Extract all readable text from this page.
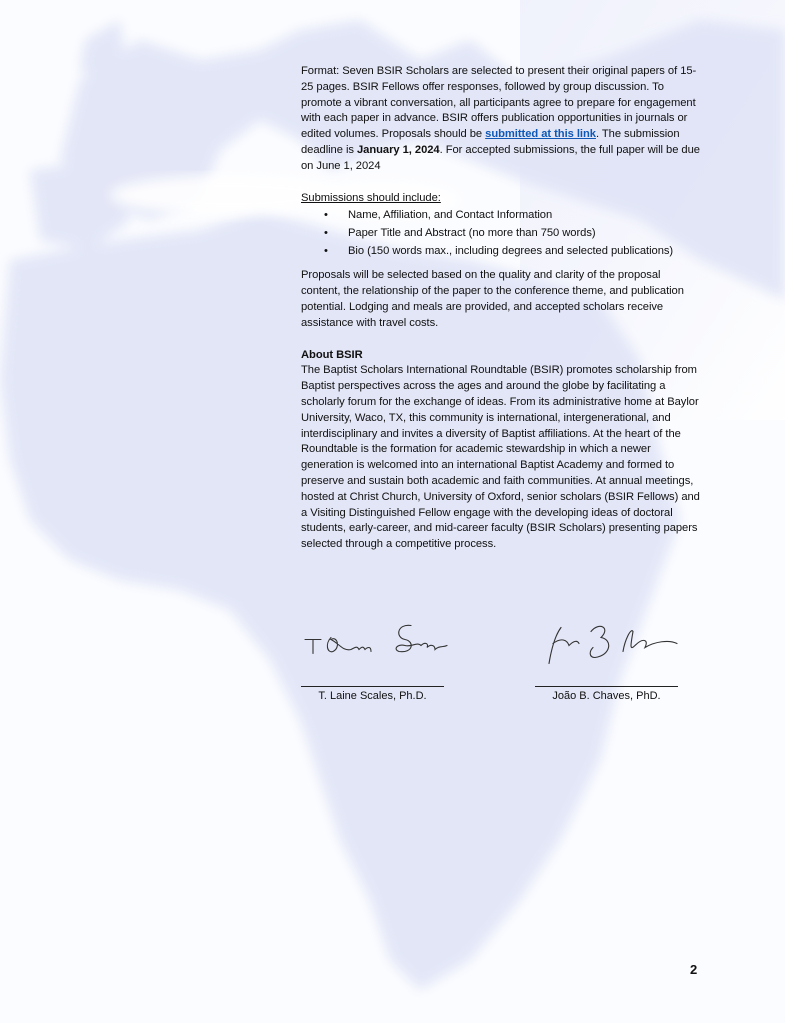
Format: Seven BSIR Scholars are selected to present their original papers of 15-25 pages. BSIR Fellows offer responses, followed by group discussion. To promote a vibrant conversation, all participants agree to prepare for engagement with each paper in advance. BSIR offers publication opportunities in journals or edited volumes. Proposals should be submitted at this link. The submission deadline is January 1, 2024. For accepted submissions, the full paper will be due on June 1, 2024

Submissions should include:

• Name, Affiliation, and Contact Information
• Paper Title and Abstract (no more than 750 words)
• Bio (150 words max., including degrees and selected publications)

Proposals will be selected based on the quality and clarity of the proposal content, the relationship of the paper to the conference theme, and publication potential. Lodging and meals are provided, and accepted scholars receive assistance with travel costs.

About BSIR

The Baptist Scholars International Roundtable (BSIR) promotes scholarship from Baptist perspectives across the ages and around the globe by facilitating a scholarly forum for the exchange of ideas. From its administrative home at Baylor University, Waco, TX, this community is international, intergenerational, and interdisciplinary and invites a diversity of Baptist affiliations. At the heart of the Roundtable is the formation for academic stewardship in which a newer generation is welcomed into an international Baptist Academy and formed to preserve and sustain both academic and faith communities. At annual meetings, hosted at Christ Church, University of Oxford, senior scholars (BSIR Fellows) and a Visiting Distinguished Fellow engage with the developing ideas of doctoral students, early-career, and mid-career faculty (BSIR Scholars) presenting papers selected through a competitive process.

T. Laine Scales, Ph.D.	João B. Chaves, PhD.
2
